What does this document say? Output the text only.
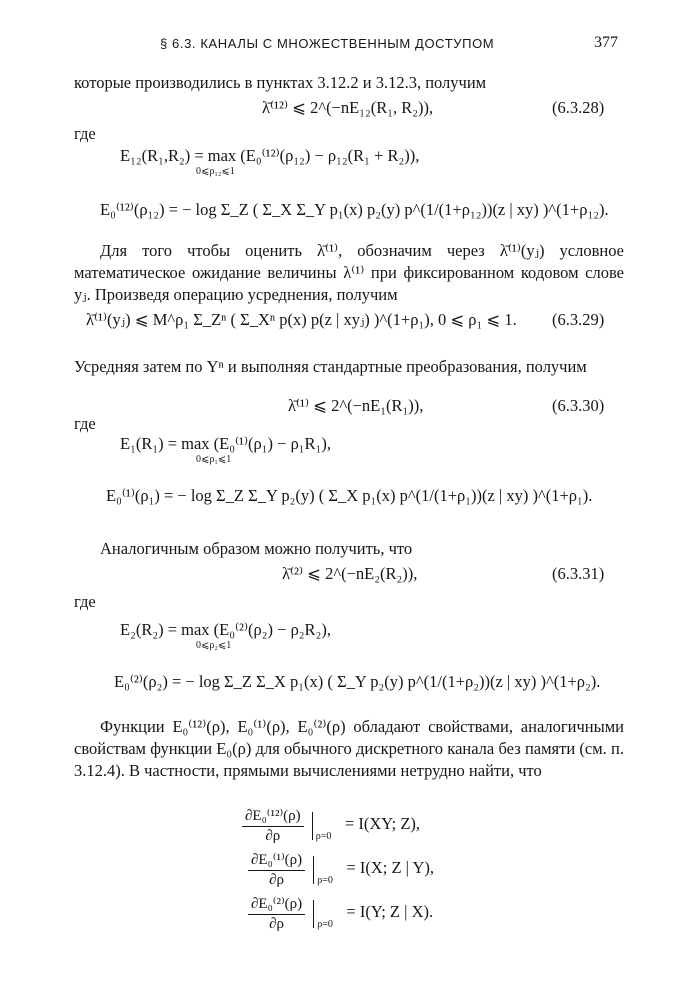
§ 6.3. КАНАЛЫ С МНОЖЕСТВЕННЫМ ДОСТУПОМ	377
которые производились в пунктах 3.12.2 и 3.12.3, получим
λ̄⁽¹²⁾ ⩽ 2^(−nE₁₂(R₁, R₂)),	(6.3.28)
где
E₁₂(R₁,R₂) = max (E₀⁽¹²⁾(ρ₁₂) − ρ₁₂(R₁ + R₂)),
0⩽ρ₁₂⩽1
E₀⁽¹²⁾(ρ₁₂) = − log Σ_Z ( Σ_X Σ_Y p₁(x) p₂(y) p^(1/(1+ρ₁₂))(z | xy) )^(1+ρ₁₂).
Для того чтобы оценить λ̄⁽¹⁾, обозначим через λ̄⁽¹⁾(yⱼ) условное математическое ожидание величины λ⁽¹⁾ при фиксированном кодовом слове yⱼ. Произведя операцию усреднения, получим
λ̄⁽¹⁾(yⱼ) ⩽ M^ρ₁ Σ_Zⁿ ( Σ_Xⁿ p(x) p(z | xyⱼ) )^(1+ρ₁), 0 ⩽ ρ₁ ⩽ 1. (6.3.29)
Усредняя затем по Yⁿ и выполняя стандартные преобразования, получим
λ̄⁽¹⁾ ⩽ 2^(−nE₁(R₁)),	(6.3.30)
где
E₁(R₁) = max (E₀⁽¹⁾(ρ₁) − ρ₁R₁),
0⩽ρ₁⩽1
E₀⁽¹⁾(ρ₁) = − log Σ_Z Σ_Y p₂(y) ( Σ_X p₁(x) p^(1/(1+ρ₁))(z | xy) )^(1+ρ₁).
Аналогичным образом можно получить, что
λ̄⁽²⁾ ⩽ 2^(−nE₂(R₂)),	(6.3.31)
где
E₂(R₂) = max (E₀⁽²⁾(ρ₂) − ρ₂R₂),
0⩽ρ₂⩽1
E₀⁽²⁾(ρ₂) = − log Σ_Z Σ_X p₁(x) ( Σ_Y p₂(y) p^(1/(1+ρ₂))(z | xy) )^(1+ρ₂).
Функции E₀⁽¹²⁾(ρ), E₀⁽¹⁾(ρ), E₀⁽²⁾(ρ) обладают свойствами, аналогичными свойствам функции E₀(ρ) для обычного дискретного канала без памяти (см. п. 3.12.4). В частности, прямыми вычислениями нетрудно найти, что
$\frac{\text{∂E₀⁽¹²⁾(ρ)}}{\partial\rho}$
ρ=0
= I(XY; Z),
$\frac{\text{∂E₀⁽¹⁾(ρ)}}{\partial\rho}$
ρ=0
= I(X; Z | Y),
$\frac{\text{∂E₀⁽²⁾(ρ)}}{\partial\rho}$
ρ=0
= I(Y; Z | X).
